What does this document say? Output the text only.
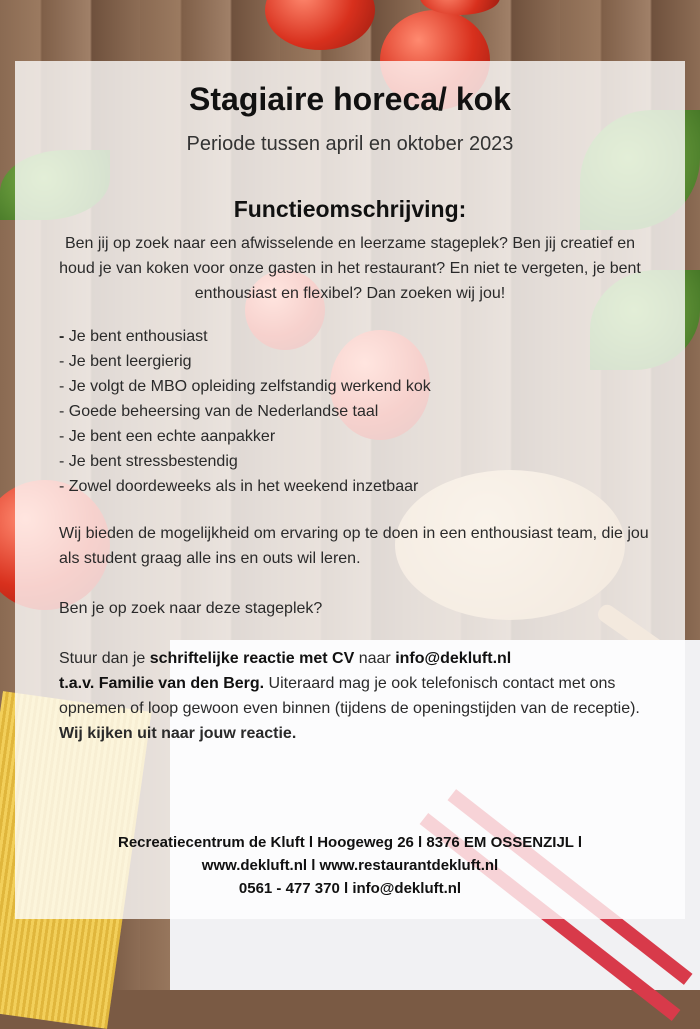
Stagiaire horeca/ kok
Periode tussen april en oktober 2023
Functieomschrijving:
Ben jij op zoek naar een afwisselende en leerzame stageplek? Ben jij creatief en houd je van koken voor onze gasten in het restaurant? En niet te vergeten, je bent enthousiast en flexibel? Dan zoeken wij jou!
- Je bent enthousiast
- Je bent leergierig
- Je volgt de MBO opleiding zelfstandig werkend kok
- Goede beheersing van de Nederlandse taal
- Je bent een echte aanpakker
- Je bent stressbestendig
- Zowel doordeweeks als in het weekend inzetbaar
Wij bieden de mogelijkheid om ervaring op te doen in een enthousiast team, die jou als student graag alle ins en outs wil leren.
Ben je op zoek naar deze stageplek?
Stuur dan je schriftelijke reactie met CV naar info@dekluft.nl
t.a.v. Familie van den Berg. Uiteraard mag je ook telefonisch contact met ons opnemen of loop gewoon even binnen (tijdens de openingstijden van de receptie).
Wij kijken uit naar jouw reactie.
Recreatiecentrum de Kluft l Hoogeweg 26 l 8376 EM OSSENZIJL l
www.dekluft.nl l www.restaurantdekluft.nl
0561 - 477 370 l info@dekluft.nl
